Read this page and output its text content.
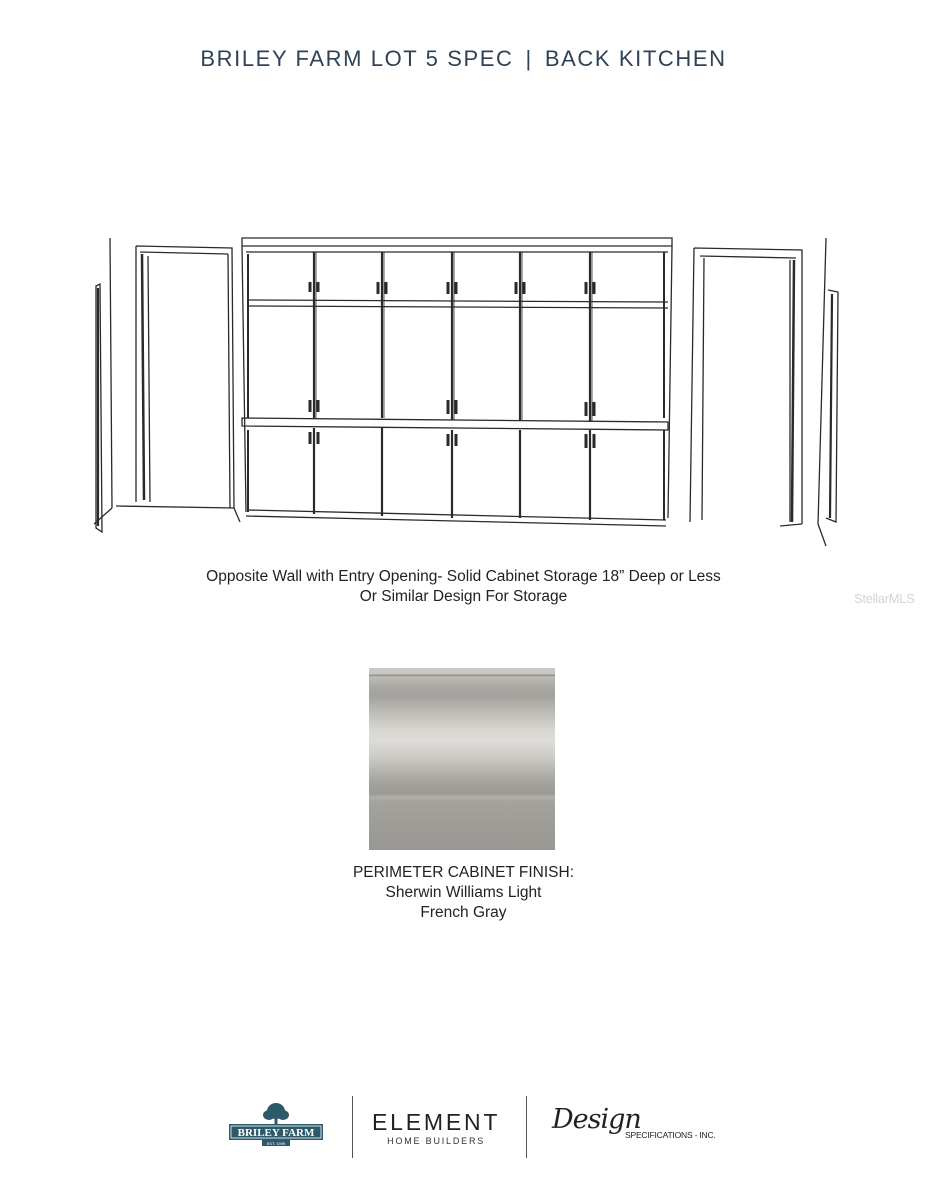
BRILEY FARM LOT 5 SPEC | BACK KITCHEN
Opposite Wall with Entry Opening- Solid Cabinet Storage 18” Deep or Less
Or Similar Design For Storage	StellarMLS
PERIMETER CABINET FINISH:
Sherwin Williams Light
French Gray
BRILEY FARM
EST. 1999
ELEMENT
HOME BUILDERS
Design
SPECIFICATIONS - INC.
